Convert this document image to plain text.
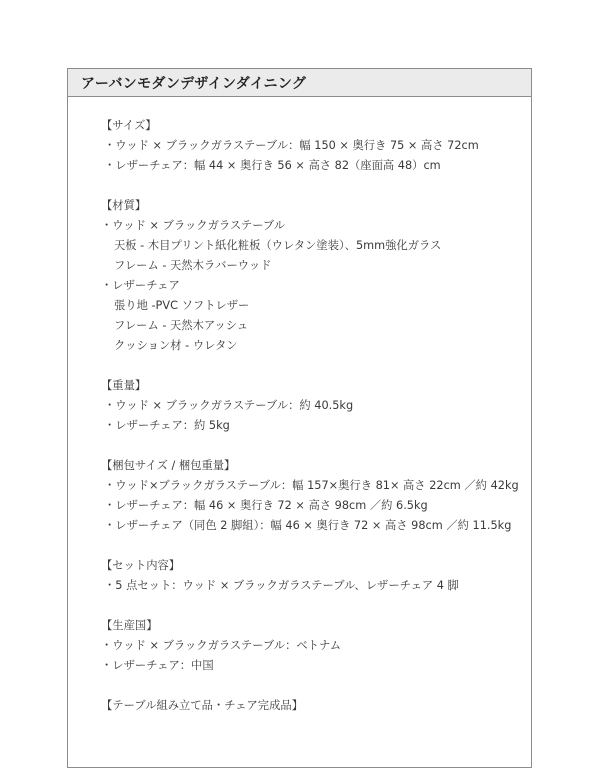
アーバンモダンデザインダイニング
【サイズ】
・ウッド × ブラックガラステーブル：幅 150 × 奥行き 75 × 高さ 72cm
・レザーチェア：幅 44 × 奥行き 56 × 高さ 82（座面高 48）cm
【材質】
・ウッド × ブラックガラステーブル
天板 - 木目プリント紙化粧板（ウレタン塗装）、5mm強化ガラス
フレーム - 天然木ラバーウッド
・レザーチェア
張り地 -PVC ソフトレザー
フレーム - 天然木アッシュ
クッション材 - ウレタン
【重量】
・ウッド × ブラックガラステーブル：約 40.5kg
・レザーチェア：約 5kg
【梱包サイズ / 梱包重量】
・ウッド×ブラックガラステーブル：幅 157×奥行き 81× 高さ 22cm ／約 42kg
・レザーチェア：幅 46 × 奥行き 72 × 高さ 98cm ／約 6.5kg
・レザーチェア（同色 2 脚組）：幅 46 × 奥行き 72 × 高さ 98cm ／約 11.5kg
【セット内容】
・5 点セット：ウッド × ブラックガラステーブル、レザーチェア 4 脚
【生産国】
・ウッド × ブラックガラステーブル：ベトナム
・レザーチェア：中国
【テーブル組み立て品・チェア完成品】
